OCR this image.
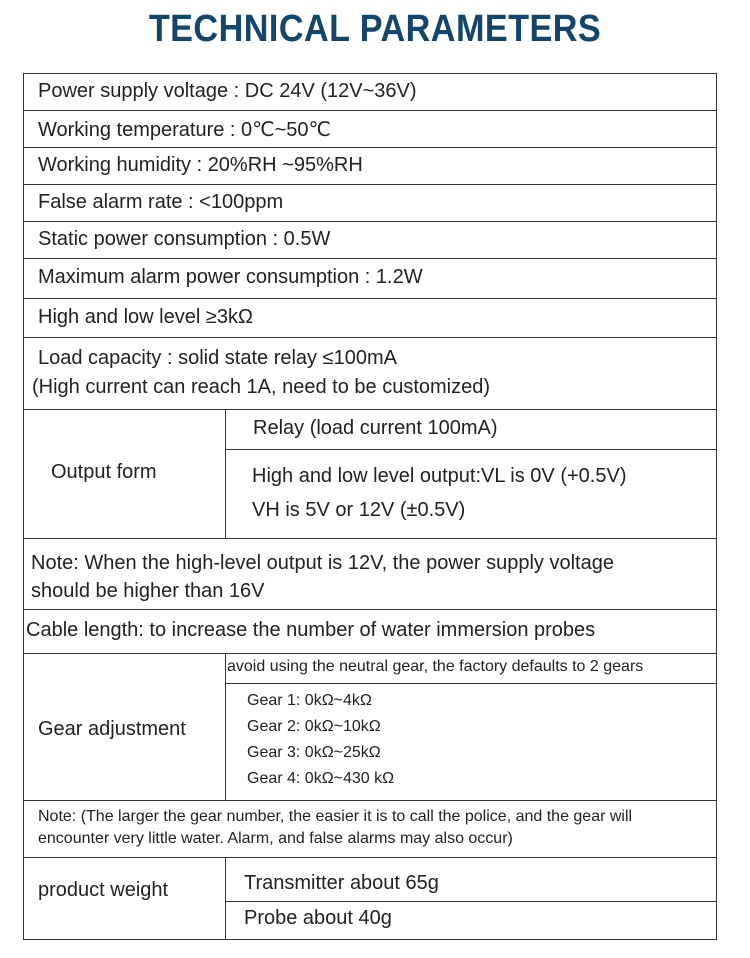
TECHNICAL PARAMETERS
Power supply voltage : DC 24V (12V~36V)
Working temperature : 0℃~50℃
Working humidity : 20%RH ~95%RH
False alarm rate : <100ppm
Static power consumption : 0.5W
Maximum alarm power consumption : 1.2W
High and low level ≥3kΩ
Load capacity : solid state relay ≤100mA
(High current can reach 1A, need to be customized)
Output form
Relay (load current 100mA)
High and low level output:VL is 0V (+0.5V)
VH is 5V or 12V (±0.5V)
Note: When the high-level output is 12V, the power supply voltage
should be higher than 16V
Cable length: to increase the number of water immersion probes
Gear adjustment
avoid using the neutral gear, the factory defaults to 2 gears
Gear 1: 0kΩ~4kΩ
Gear 2: 0kΩ~10kΩ
Gear 3: 0kΩ~25kΩ
Gear 4: 0kΩ~430 kΩ
Note: (The larger the gear number, the easier it is to call the police, and the gear will
encounter very little water. Alarm, and false alarms may also occur)
product weight	Transmitter about 65g
Probe about 40g
